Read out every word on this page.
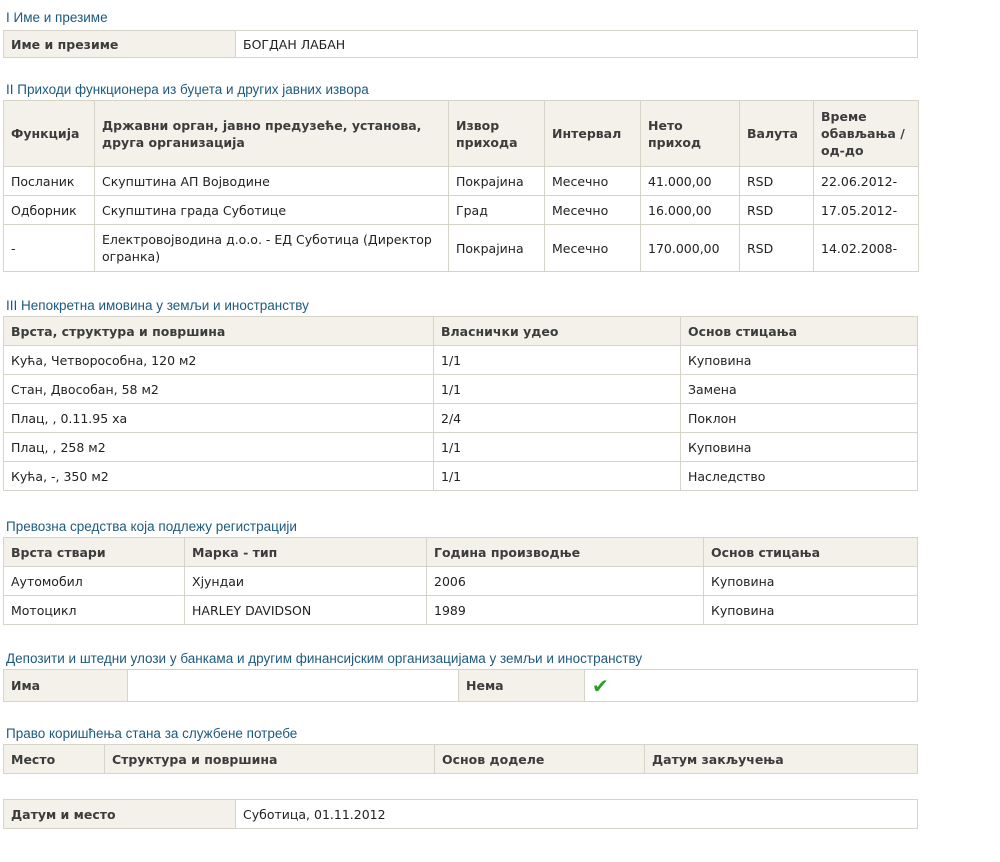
I Име и презиме
Име и презиме	БОГДАН ЛАБАН
II Приходи функционера из буџета и других јавних извора
Функција	Државни орган, јавно предузеће, установа, друга организација	Извор прихода	Интервал	Нето приход	Валута	Време обављања / од-до
Посланик	Скупштина АП Војводине	Покрајина	Месечно	41.000,00	RSD	22.06.2012-
Одборник	Скупштина града Суботице	Град	Месечно	16.000,00	RSD	17.05.2012-
-	Електровојводина д.о.о. - ЕД Суботица (Директор огранка)	Покрајина	Месечно	170.000,00	RSD	14.02.2008-
III Непокретна имовина у земљи и иностранству
Врста, структура и површина	Власнички удео	Основ стицања
Кућа, Четворособна, 120 м2	1/1	Куповина
Стан, Двособан, 58 м2	1/1	Замена
Плац, , 0.11.95 ха	2/4	Поклон
Плац, , 258 м2	1/1	Куповина
Кућа, -, 350 м2	1/1	Наследство
Превозна средства која подлежу регистрацији
Врста ствари	Марка - тип	Година производње	Основ стицања
Аутомобил	Хјундаи	2006	Куповина
Мотоцикл	HARLEY DAVIDSON	1989	Куповина
Депозити и штедни улози у банкама и другим финансијским организацијама у земљи и иностранству
Има		Нема	✔
Право коришћења стана за службене потребе
Место	Структура и површина	Основ доделе	Датум закључења
Датум и место	Суботица, 01.11.2012
